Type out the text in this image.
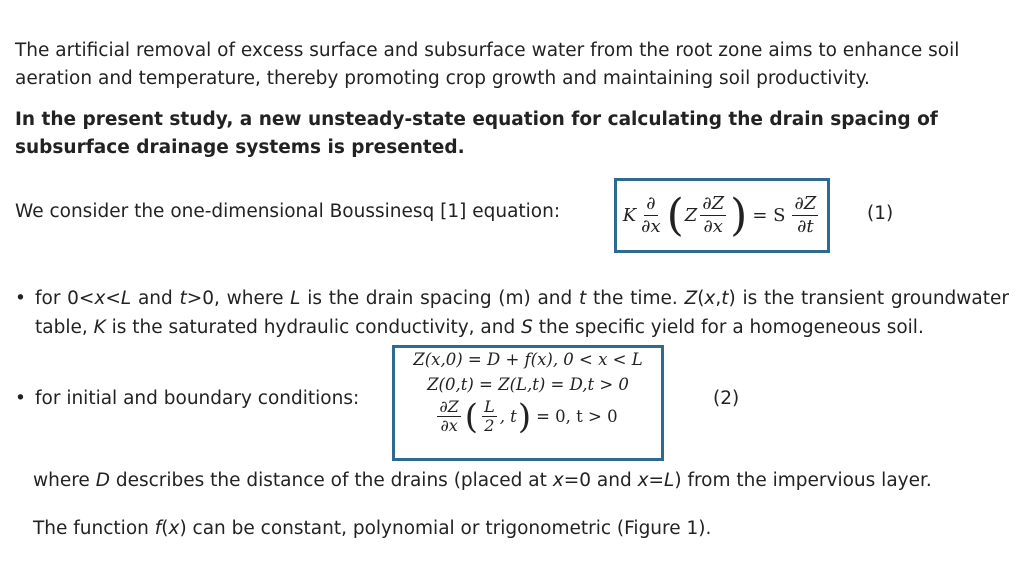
The artificial removal of excess surface and subsurface water from the root zone aims to enhance soil aeration and temperature, thereby promoting crop growth and maintaining soil productivity.
In the present study, a new unsteady-state equation for calculating the drain spacing of subsurface drainage systems is presented.
We consider the one-dimensional Boussinesq [1] equation:	K $\frac{\partial}{\partial x}$ ( Z $\frac{\partial Z}{\partial x}$ ) = S $\frac{\partial Z}{\partial t}$	(1)
• for 0<x<L and t>0, where L is the drain spacing (m) and t the time. Z(x,t) is the transient groundwater table, K is the saturated hydraulic conductivity, and S the specific yield for a homogeneous soil.
• for initial and boundary conditions:
Z(x,0) = D + f(x), 0 < x < L
Z(0,t) = Z(L,t) = D,t > 0
$\frac{\partial Z}{\partial x}$ ( $\frac{L}{2}$ , t ) = 0, t > 0
(2)
where D describes the distance of the drains (placed at x=0 and x=L) from the impervious layer.
The function f(x) can be constant, polynomial or trigonometric (Figure 1).
